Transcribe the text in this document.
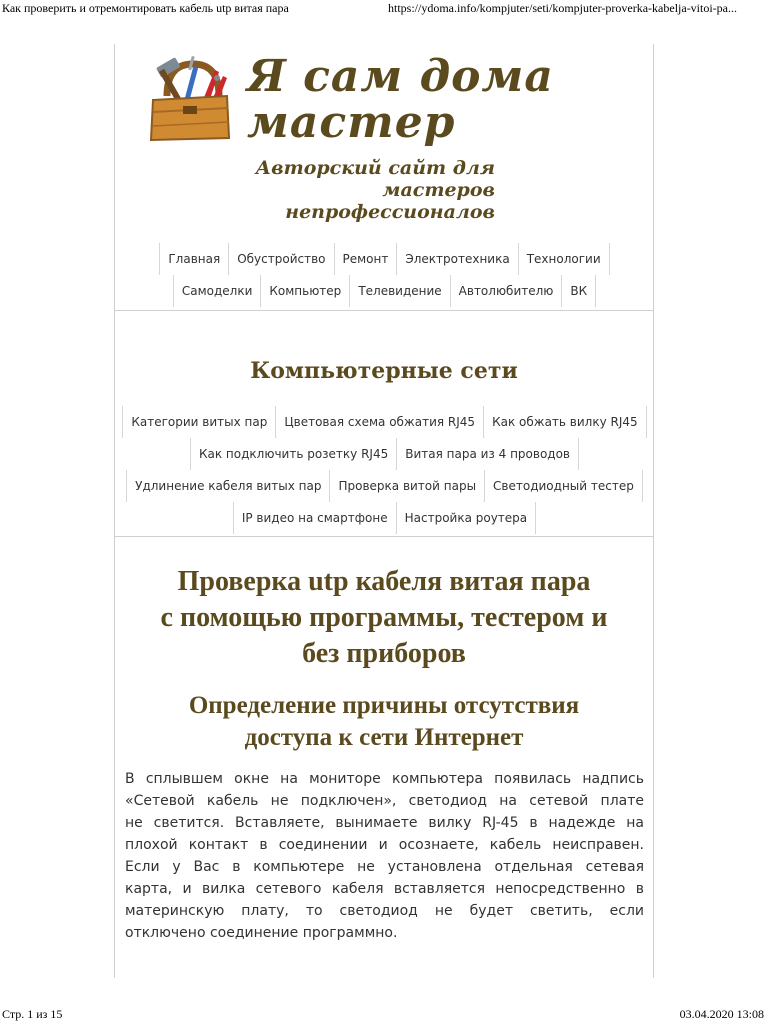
Как проверить и отремонтировать кабель utp витая пара	https://ydoma.info/kompjuter/seti/kompjuter-proverka-kabelja-vitoi-pa...
Я сам дома
мастер
Авторский сайт для
мастеров
непрофессионалов
Главная Обустройство Ремонт Электротехника Технологии
Самоделки Компьютер Телевидение Автолюбителю ВК
Компьютерные сети
Категории витых пар Цветовая схема обжатия RJ45 Как обжать вилку RJ45
Как подключить розетку RJ45 Витая пара из 4 проводов
Удлинение кабеля витых пар Проверка витой пары Светодиодный тестер
IP видео на смартфоне Настройка роутера
Проверка utp кабеля витая пара
с помощью программы, тестером и
без приборов
Определение причины отсутствия
доступа к сети Интернет
В сплывшем окне на мониторе компьютера появилась надпись
«Сетевой кабель не подключен», светодиод на сетевой плате
не светится. Вставляете, вынимаете вилку RJ-45 в надежде на
плохой контакт в соединении и осознаете, кабель неисправен.
Если у Вас в компьютере не установлена отдельная сетевая
карта, и вилка сетевого кабеля вставляется непосредственно в
материнскую плату, то светодиод не будет светить, если
отключено соединение программно.
Стр. 1 из 15	03.04.2020 13:08
